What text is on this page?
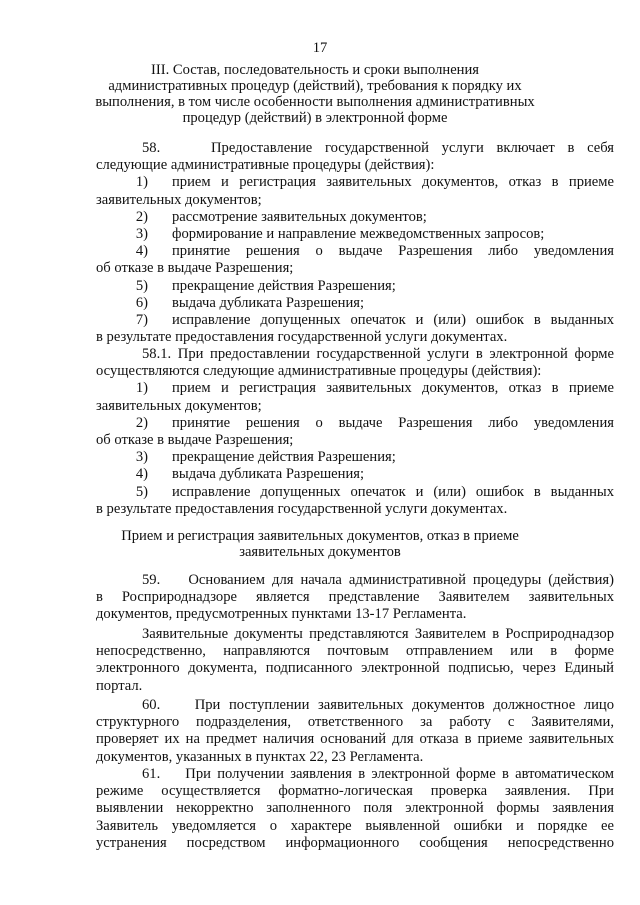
17
III. Состав, последовательность и сроки выполнения административных процедур (действий), требования к порядку их выполнения, в том числе особенности выполнения административных процедур (действий) в электронной форме

58.    Предоставление государственной услуги включает в себя

следующие административные процедуры (действия):

1)	прием и регистрация заявительных документов, отказ в приеме

заявительных документов;

2)	рассмотрение заявительных документов;
3)	формирование и направление межведомственных запросов;
4)	принятие решения о выдаче Разрешения либо уведомления

об отказе в выдаче Разрешения;

5)	прекращение действия Разрешения;
6)	выдача дубликата Разрешения;
7)	исправление допущенных опечаток и (или) ошибок в выданных

в результате предоставления государственной услуги документах.

58.1. При предоставлении государственной услуги в электронной форме

осуществляются следующие административные процедуры (действия):

1)	прием и регистрация заявительных документов, отказ в приеме

заявительных документов;

2)	принятие решения о выдаче Разрешения либо уведомления

об отказе в выдаче Разрешения;

3)	прекращение действия Разрешения;
4)	выдача дубликата Разрешения;
5)	исправление допущенных опечаток и (или) ошибок в выданных

в результате предоставления государственной услуги документах.

Прием и регистрация заявительных документов, отказ в приеме заявительных документов

59.    Основанием для начала административной процедуры (действия)

в Росприроднадзоре является представление Заявителем заявительных

документов, предусмотренных пунктами 13-17 Регламента.

Заявительные документы представляются Заявителем в Росприроднадзор

непосредственно, направляются почтовым отправлением или в форме

электронного документа, подписанного электронной подписью, через Единый

портал.

60.    При поступлении заявительных документов должностное лицо

структурного подразделения, ответственного за работу с Заявителями,

проверяет их на предмет наличия оснований для отказа в приеме заявительных

документов, указанных в пунктах 22, 23 Регламента.

61.    При получении заявления в электронной форме в автоматическом

режиме осуществляется форматно-логическая проверка заявления. При

выявлении некорректно заполненного поля электронной формы заявления

Заявитель уведомляется о характере выявленной ошибки и порядке ее

устранения посредством информационного сообщения непосредственно
